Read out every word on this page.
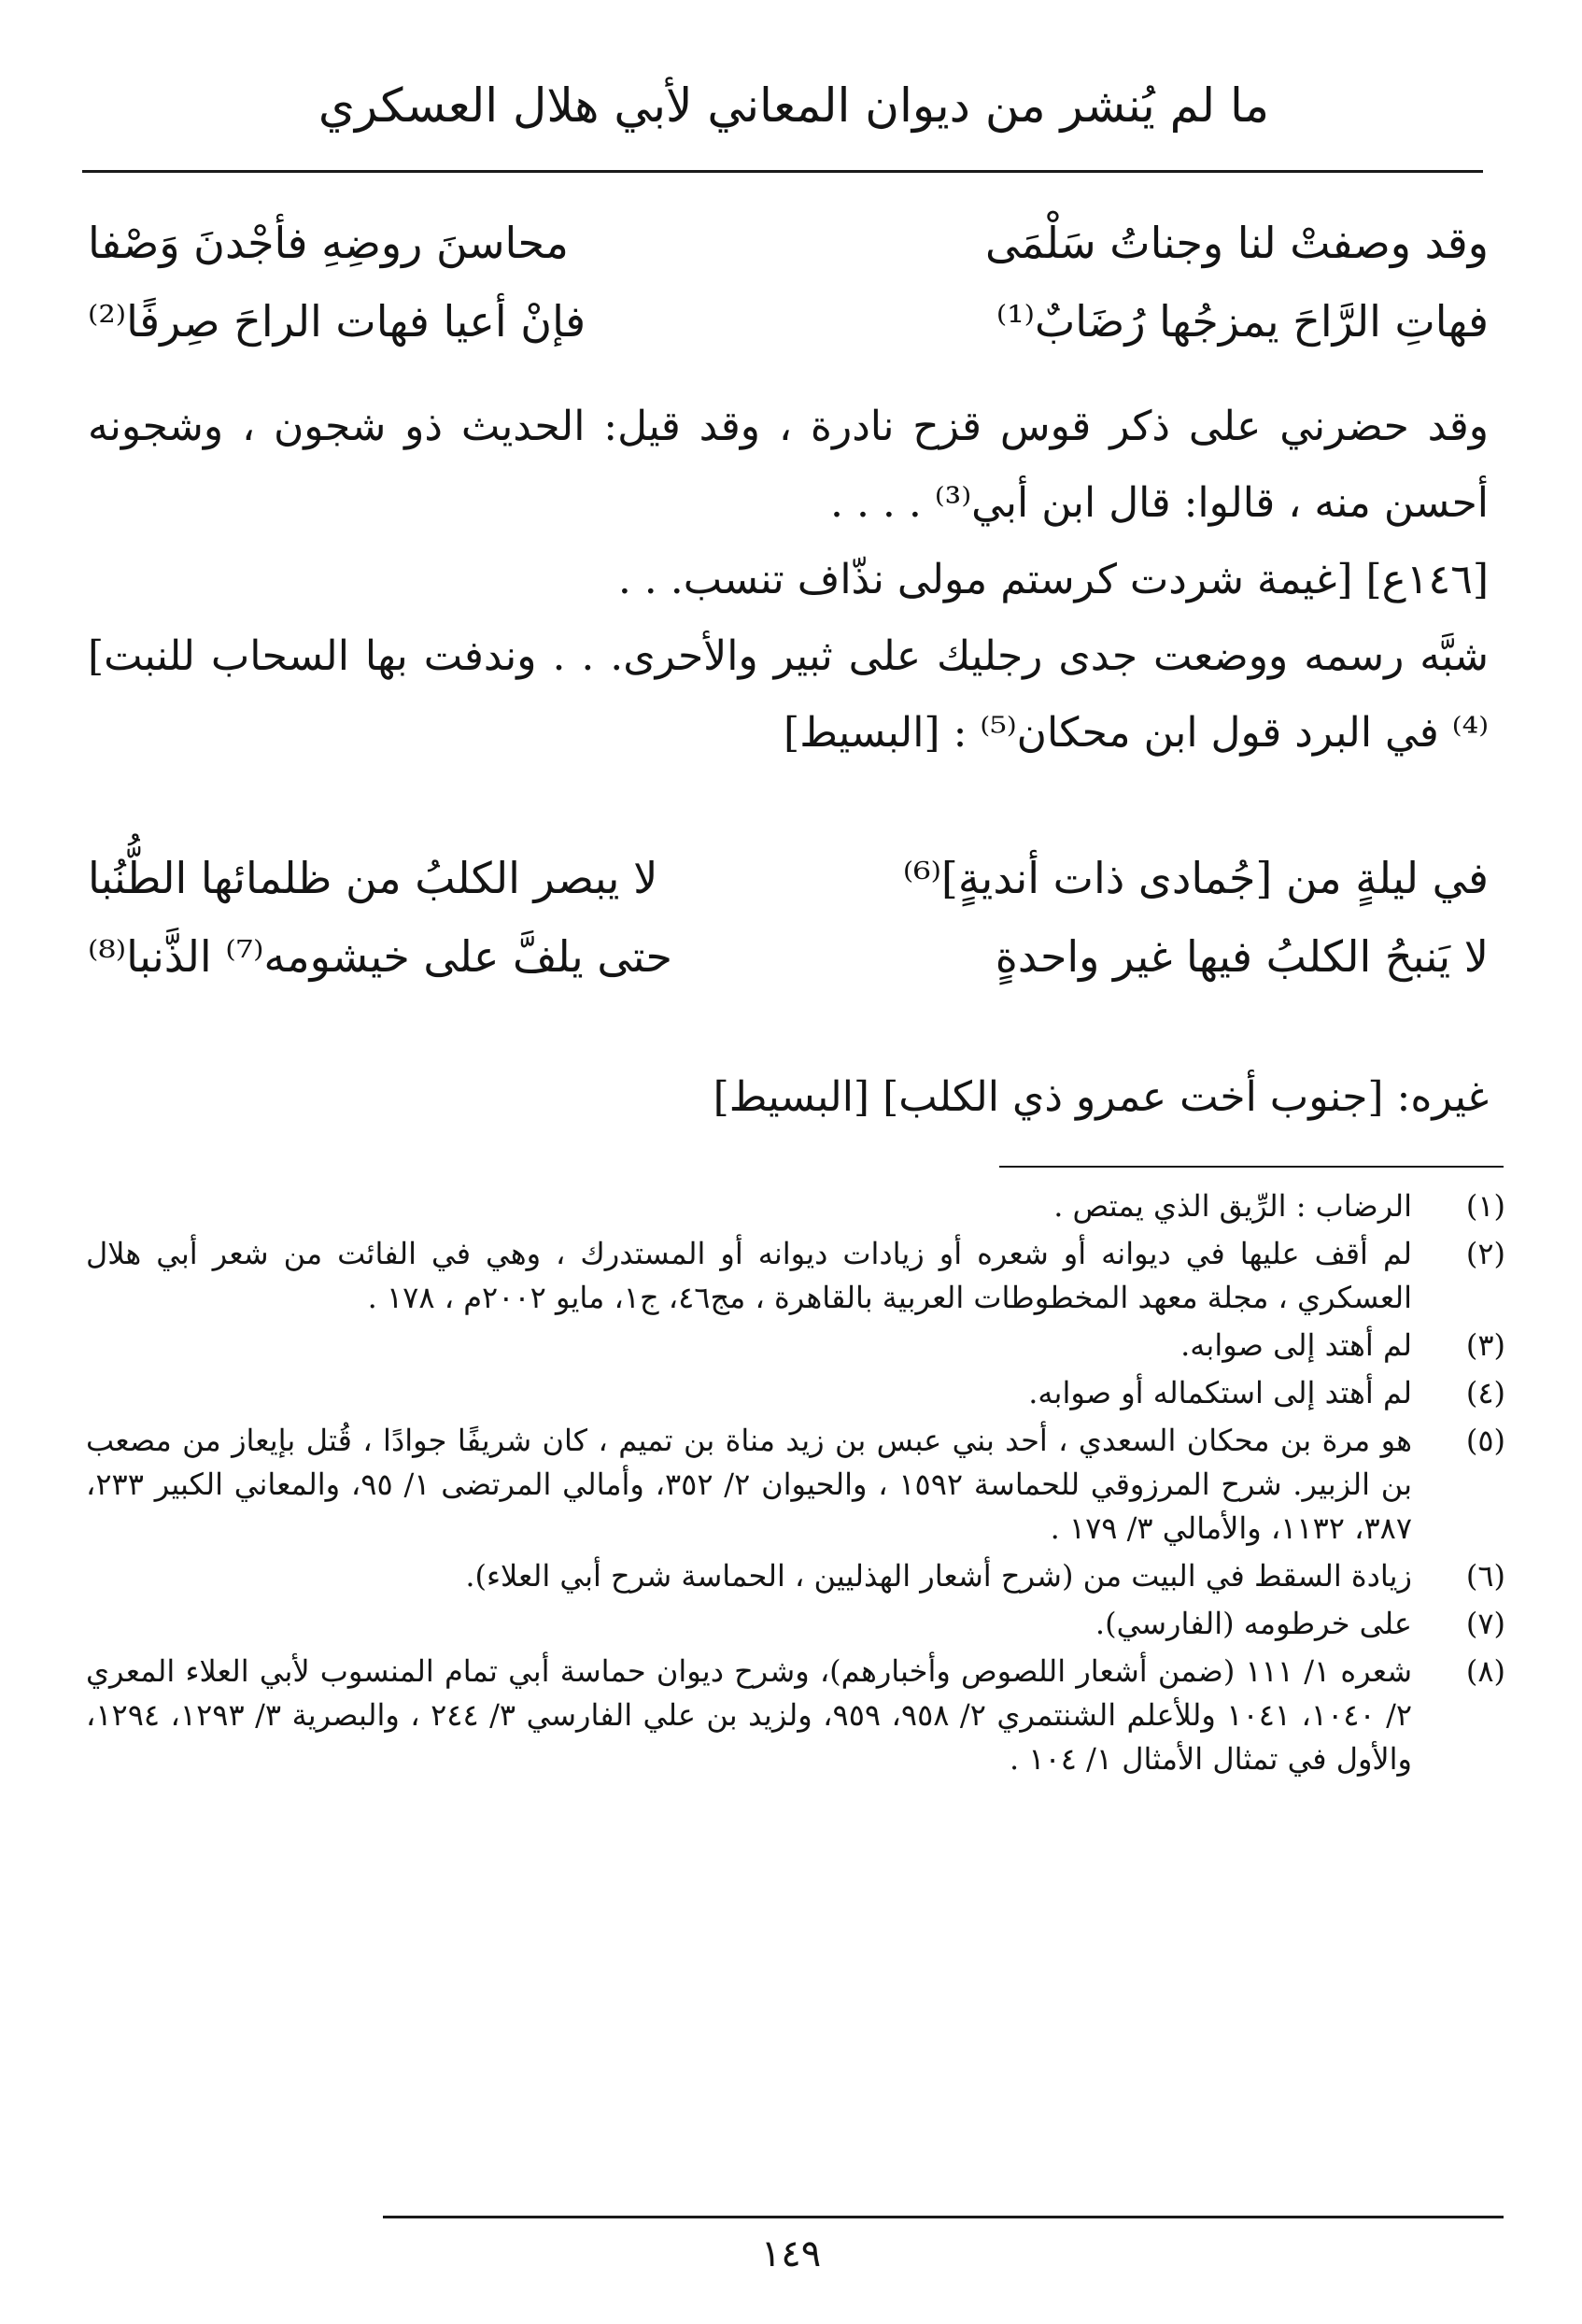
ما لم يُنشر من ديوان المعاني لأبي هلال العسكري
وقد وصفتْ لنا وجناتُ سَلْمَى
محاسنَ روضِهِ فأجْدنَ وَصْفا
فهاتِ الرَّاحَ يمزجُها رُضَابٌ⁽¹⁾
فإنْ أعيا فهات الراحَ صِرفًا⁽²⁾

وقد حضرني على ذكر قوس قزح نادرة ، وقد قيل: الحديث ذو شجون ، وشجونه أحسن منه ، قالوا: قال ابن أبي⁽³⁾ . . . .

[١٤٦ع] [غيمة شردت كرستم مولى نذّاف تنسب. . .

شبَّه رسمه ووضعت جدى رجليك على ثبير والأحرى. . . وندفت بها السحاب للنبت]⁽⁴⁾ في البرد قول ابن محكان⁽⁵⁾ : [البسيط]

في ليلةٍ من [جُمادى ذات أنديةٍ]⁽⁶⁾
لا يبصر الكلبُ من ظلمائها الطُّنُبا
لا يَنبحُ الكلبُ فيها غير واحدةٍ
حتى يلفَّ على خيشومه⁽⁷⁾ الذَّنبا⁽⁸⁾

غيره: [جنوب أخت عمرو ذي الكلب] [البسيط]

(١)
الرضاب : الرِّيق الذي يمتص .
(٢)
لم أقف عليها في ديوانه أو شعره أو زيادات ديوانه أو المستدرك ، وهي في الفائت من شعر أبي هلال العسكري ، مجلة معهد المخطوطات العربية بالقاهرة ، مج٤٦، ج١، مايو ٢٠٠٢م ، ١٧٨ .
(٣)
لم أهتد إلى صوابه.
(٤)
لم أهتد إلى استكماله أو صوابه.
(٥)
هو مرة بن محكان السعدي ، أحد بني عبس بن زيد مناة بن تميم ، كان شريفًا جوادًا ، قُتل بإيعاز من مصعب بن الزبير. شرح المرزوقي للحماسة ١٥٩٢ ، والحيوان ٢/ ٣٥٢، وأمالي المرتضى ١/ ٩٥، والمعاني الكبير ٢٣٣، ٣٨٧، ١١٣٢، والأمالي ٣/ ١٧٩ .
(٦)
زيادة السقط في البيت من (شرح أشعار الهذليين ، الحماسة شرح أبي العلاء).
(٧)
على خرطومه (الفارسي).
(٨)
شعره ١/ ١١١ (ضمن أشعار اللصوص وأخبارهم)، وشرح ديوان حماسة أبي تمام المنسوب لأبي العلاء المعري ٢/ ١٠٤٠، ١٠٤١ وللأعلم الشنتمري ٢/ ٩٥٨، ٩٥٩، ولزيد بن علي الفارسي ٣/ ٢٤٤ ، والبصرية ٣/ ١٢٩٣، ١٢٩٤، والأول في تمثال الأمثال ١/ ١٠٤ .
١٤٩
